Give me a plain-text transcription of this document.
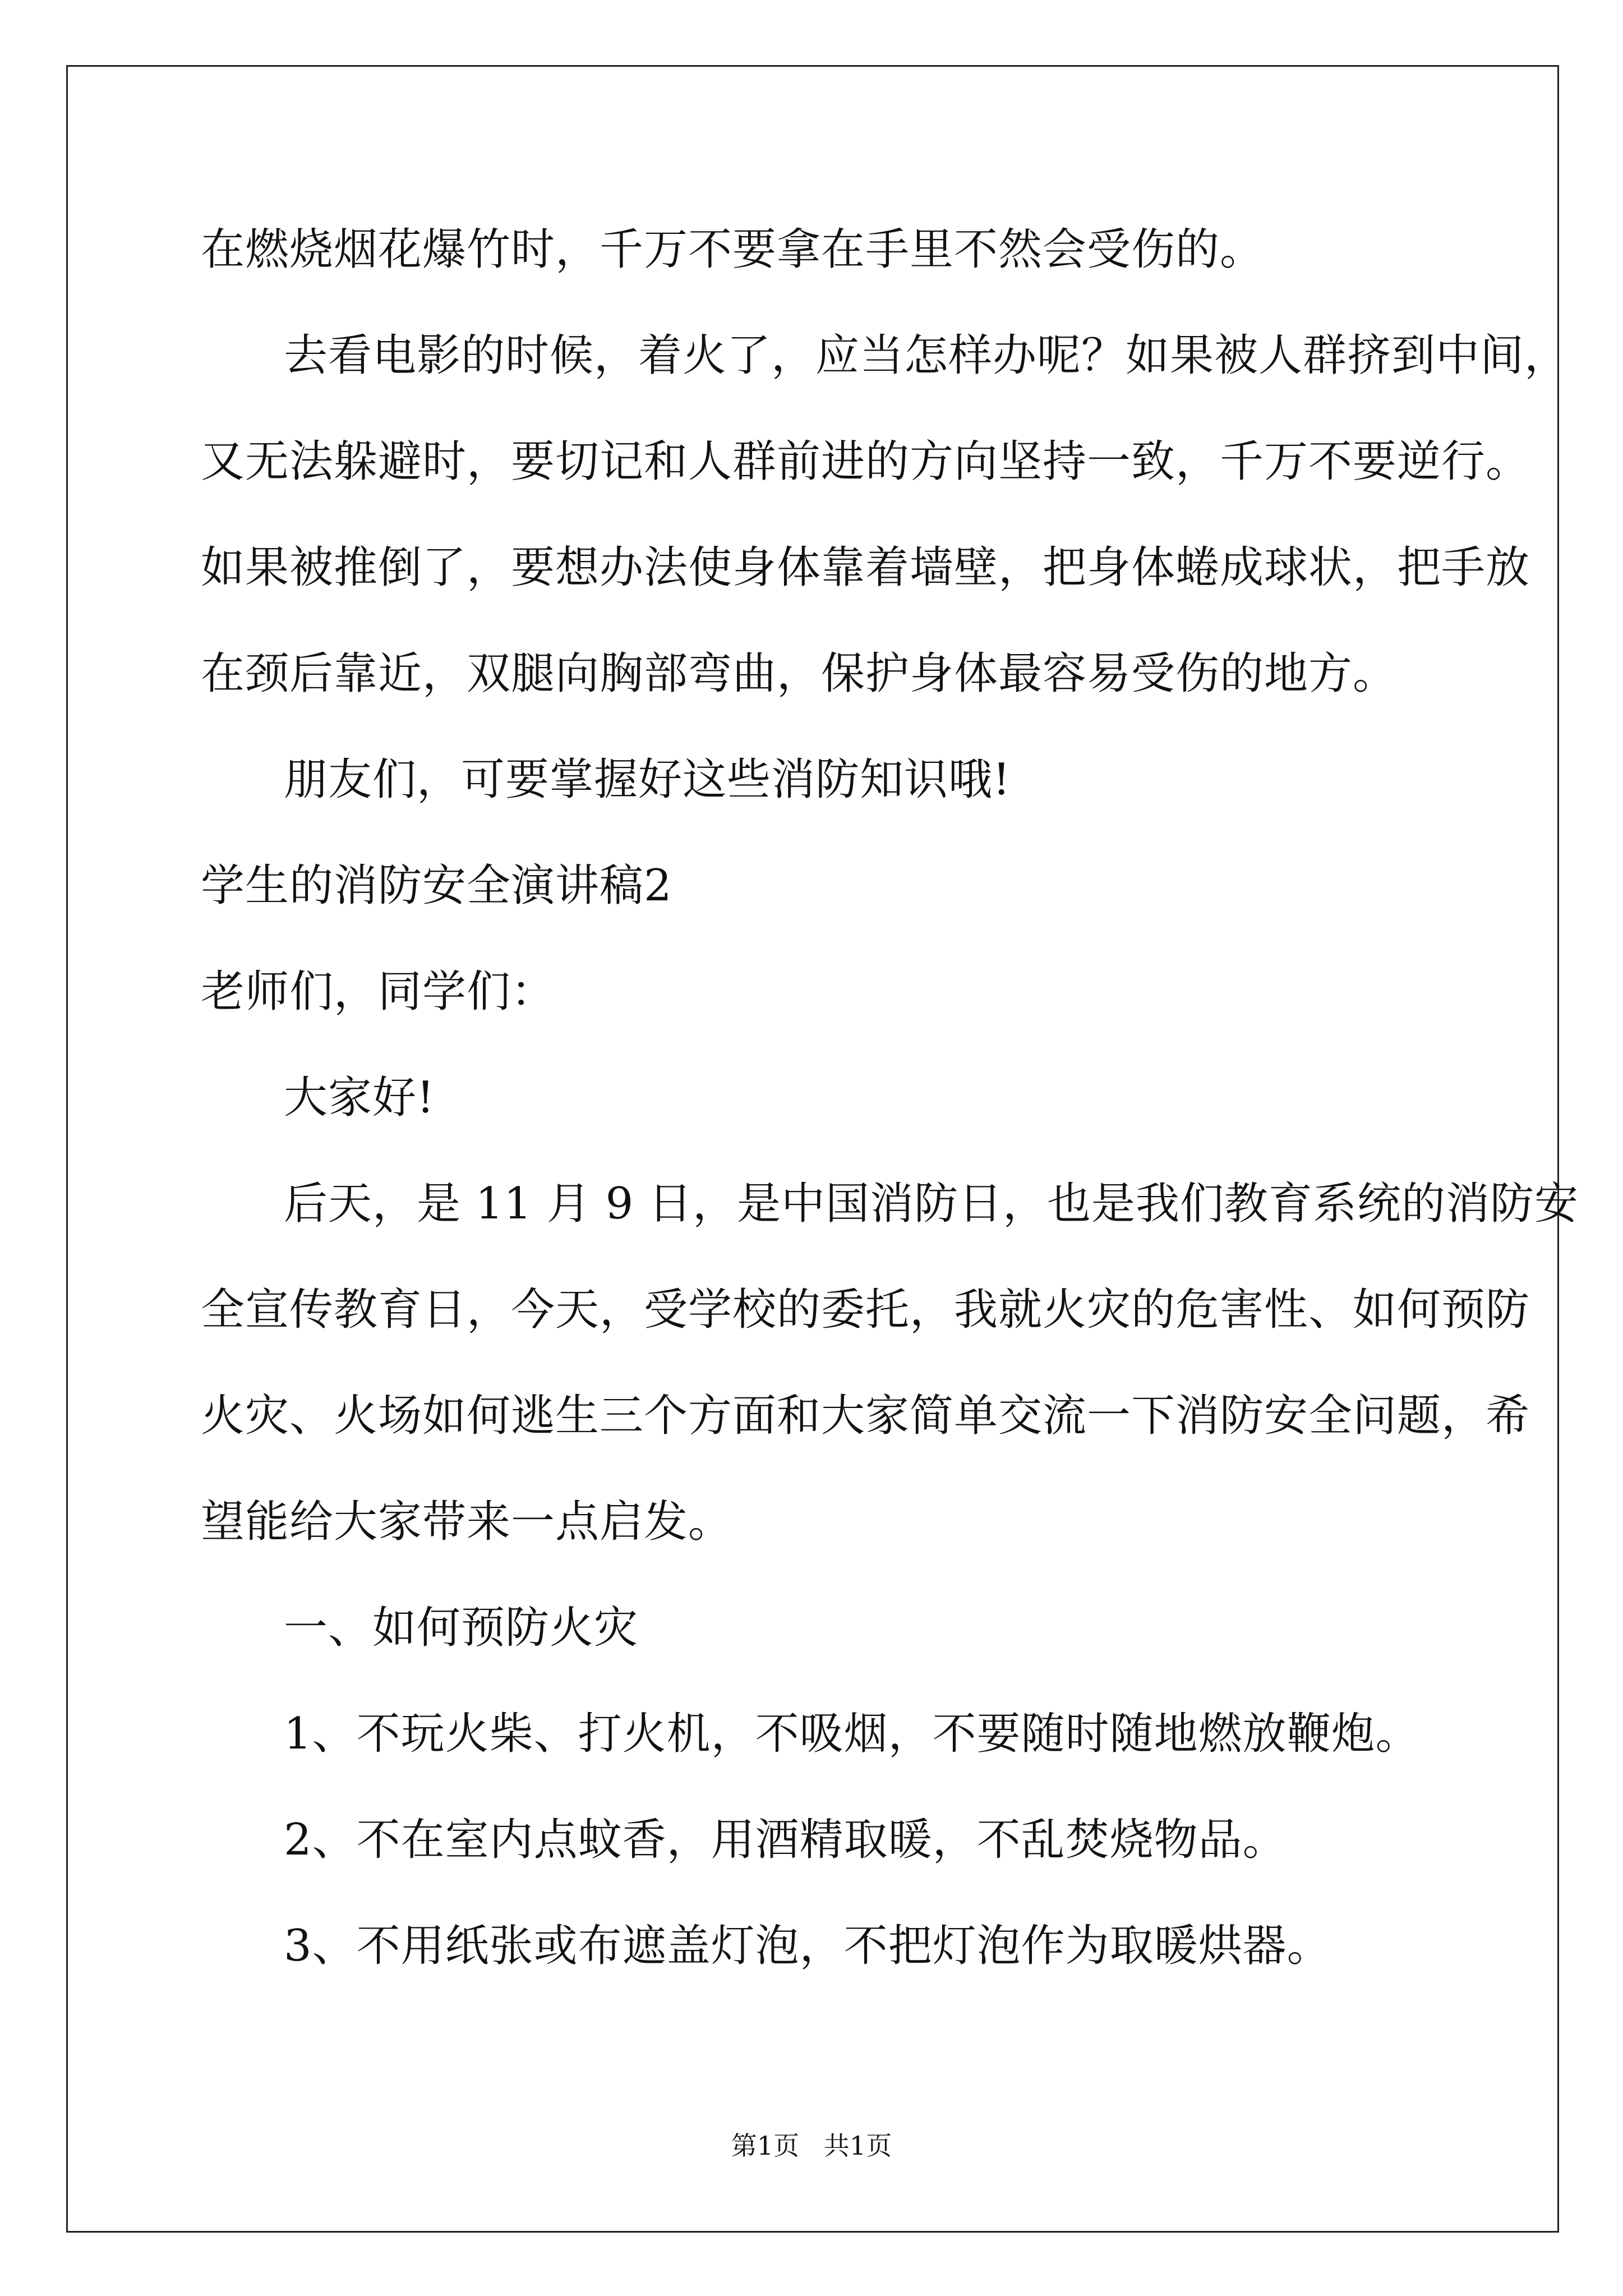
在燃烧烟花爆竹时，千万不要拿在手里不然会受伤的。

去看电影的时候，着火了，应当怎样办呢？如果被人群挤到中间，

又无法躲避时，要切记和人群前进的方向坚持一致，千万不要逆行。

如果被推倒了，要想办法使身体靠着墙壁，把身体蜷成球状，把手放

在颈后靠近，双腿向胸部弯曲，保护身体最容易受伤的地方。

朋友们，可要掌握好这些消防知识哦!

学生的消防安全演讲稿2

老师们，同学们：

大家好!

后天，是 11 月 9 日，是中国消防日，也是我们教育系统的消防安

全宣传教育日，今天，受学校的委托，我就火灾的危害性、如何预防

火灾、火场如何逃生三个方面和大家简单交流一下消防安全问题，希

望能给大家带来一点启发。

一、如何预防火灾

1、不玩火柴、打火机，不吸烟，不要随时随地燃放鞭炮。

2、不在室内点蚊香，用酒精取暖，不乱焚烧物品。

3、不用纸张或布遮盖灯泡，不把灯泡作为取暖烘器。

第1页   共1页
